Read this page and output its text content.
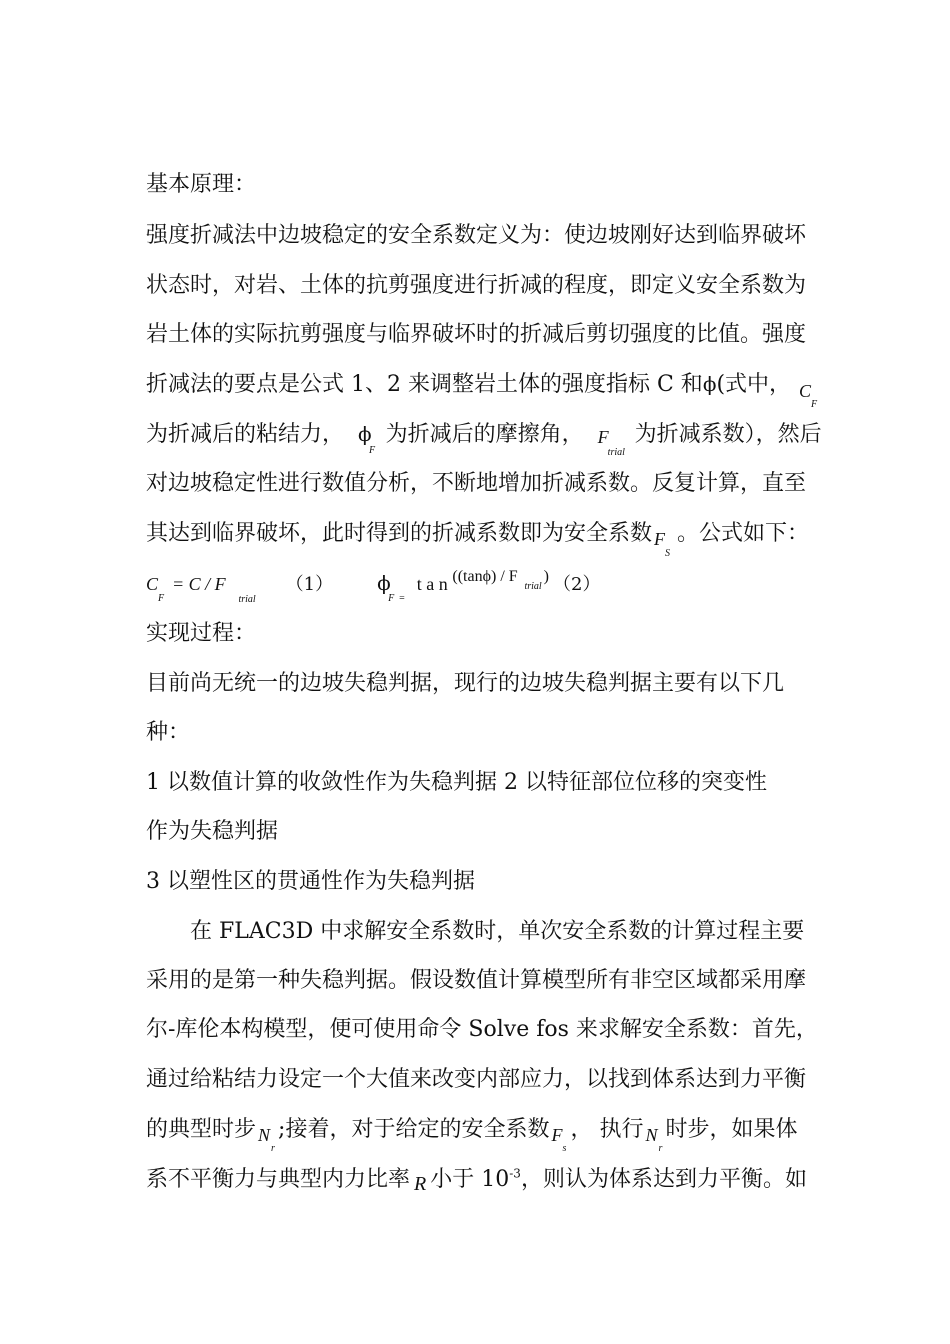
基本原理：
强度折减法中边坡稳定的安全系数定义为：使边坡刚好达到临界破坏
状态时，对岩、土体的抗剪强度进行折减的程度，即定义安全系数为
岩土体的实际抗剪强度与临界破坏时的折减后剪切强度的比值。强度
折减法的要点是公式 1、2 来调整岩土体的强度指标 C 和ϕ(式中， C
F
为折减后的粘结力， ϕ
F
为折减后的摩擦角， F
trial
为折减系数），然后
对边坡稳定性进行数值分析，不断地增加折减系数。反复计算，直至
其达到临界破坏，此时得到的折减系数即为安全系数 F
S
。公式如下：
C
F
= C / F
trial
（1） ϕ
F =
t a n  ((tanϕ) / F
trial
) （2）
实现过程：
目前尚无统一的边坡失稳判据，现行的边坡失稳判据主要有以下几
种：
1 以数值计算的收敛性作为失稳判据 2 以特征部位位移的突变性
作为失稳判据
3 以塑性区的贯通性作为失稳判据
在 FLAC3D 中求解安全系数时，单次安全系数的计算过程主要
采用的是第一种失稳判据。假设数值计算模型所有非空区域都采用摩
尔-库伦本构模型，便可使用命令 Solve fos 来求解安全系数：首先，
通过给粘结力设定一个大值来改变内部应力，以找到体系达到力平衡
的典型时步 N
r
;接着，对于给定的安全系数 F
s
， 执行 N
r
时步，如果体
系不平衡力与典型内力比率 R 小于 $10^{-3}$，则认为体系达到力平衡。如
